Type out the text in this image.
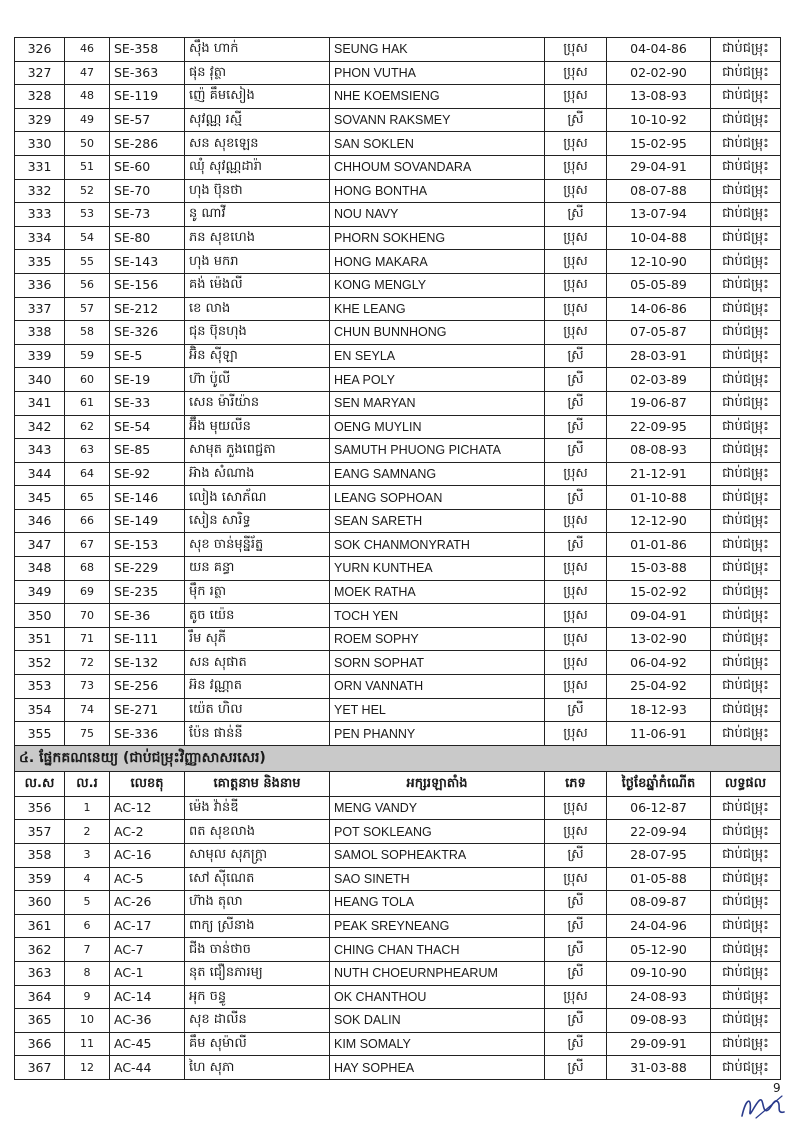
326	46	SE-358	ស៊ឹង ហាក់	SEUNG HAK	ប្រុស	04-04-86	ជាប់ជម្រុះ
327	47	SE-363	ផុន វុត្ថា	PHON VUTHA	ប្រុស	02-02-90	ជាប់ជម្រុះ
328	48	SE-119	ញ៉េ គឹមសៀង	NHE KOEMSIENG	ប្រុស	13-08-93	ជាប់ជម្រុះ
329	49	SE-57	សុវណ្ណ រស្មី	SOVANN RAKSMEY	ស្រី	10-10-92	ជាប់ជម្រុះ
330	50	SE-286	សន សុខឡេន	SAN SOKLEN	ប្រុស	15-02-95	ជាប់ជម្រុះ
331	51	SE-60	ឈុំ សុវណ្ណដារ៉ា	CHHOUM SOVANDARA	ប្រុស	29-04-91	ជាប់ជម្រុះ
332	52	SE-70	ហុង ប៊ុនថា	HONG BONTHA	ប្រុស	08-07-88	ជាប់ជម្រុះ
333	53	SE-73	នូ ណាវី	NOU NAVY	ស្រី	13-07-94	ជាប់ជម្រុះ
334	54	SE-80	ភន សុខហេង	PHORN SOKHENG	ប្រុស	10-04-88	ជាប់ជម្រុះ
335	55	SE-143	ហុង មករា	HONG MAKARA	ប្រុស	12-10-90	ជាប់ជម្រុះ
336	56	SE-156	គង់ ម៉េងលី	KONG MENGLY	ប្រុស	05-05-89	ជាប់ជម្រុះ
337	57	SE-212	ខេ លាង	KHE LEANG	ប្រុស	14-06-86	ជាប់ជម្រុះ
338	58	SE-326	ជុន ប៊ុនហុង	CHUN BUNNHONG	ប្រុស	07-05-87	ជាប់ជម្រុះ
339	59	SE-5	អ៊ិន ស៊ីឡា	EN SEYLA	ស្រី	28-03-91	ជាប់ជម្រុះ
340	60	SE-19	ហ៊ា ប៉ូលី	HEA POLY	ស្រី	02-03-89	ជាប់ជម្រុះ
341	61	SE-33	សេន ម៉ារីយ៉ាន	SEN MARYAN	ស្រី	19-06-87	ជាប់ជម្រុះ
342	62	SE-54	អ៊ឹង មុយលីន	OENG MUYLIN	ស្រី	22-09-95	ជាប់ជម្រុះ
343	63	SE-85	សាមុត ភួងពេជ្ជតា	SAMUTH PHUONG PICHATA	ស្រី	08-08-93	ជាប់ជម្រុះ
344	64	SE-92	អ៊ាង សំណាង	EANG SAMNANG	ប្រុស	21-12-91	ជាប់ជម្រុះ
345	65	SE-146	លៀង សោភ័ណ	LEANG SOPHOAN	ស្រី	01-10-88	ជាប់ជម្រុះ
346	66	SE-149	សៀន សារិទ្ធ	SEAN SARETH	ប្រុស	12-12-90	ជាប់ជម្រុះ
347	67	SE-153	សុខ ចាន់មុន្នីរ័ត្ន	SOK CHANMONYRATH	ស្រី	01-01-86	ជាប់ជម្រុះ
348	68	SE-229	យន គន្ធា	YURN KUNTHEA	ប្រុស	15-03-88	ជាប់ជម្រុះ
349	69	SE-235	ម៉ឹក រត្ថា	MOEK RATHA	ប្រុស	15-02-92	ជាប់ជម្រុះ
350	70	SE-36	តូច យ៉េន	TOCH YEN	ប្រុស	09-04-91	ជាប់ជម្រុះ
351	71	SE-111	រឹម សុភី	ROEM SOPHY	ប្រុស	13-02-90	ជាប់ជម្រុះ
352	72	SE-132	សន សុផាត	SORN SOPHAT	ប្រុស	06-04-92	ជាប់ជម្រុះ
353	73	SE-256	អ៊ន វណ្ណាត	ORN VANNATH	ប្រុស	25-04-92	ជាប់ជម្រុះ
354	74	SE-271	យ៉េត ហិល	YET HEL	ស្រី	18-12-93	ជាប់ជម្រុះ
355	75	SE-336	ប៉ែន ផាន់នី	PEN PHANNY	ប្រុស	11-06-91	ជាប់ជម្រុះ
៤. ផ្នែកគណនេយ្យ (ជាប់ជម្រុះវិញ្ញាសាសរសេរ)							
ល.ស	ល.រ	លេខតុ	គោត្តនាម និងនាម	អក្សរឡាតាំង	ភេទ	ថ្ងៃខែឆ្នាំកំណើត	លទ្ធផល
356	1	AC-12	ម៉េង វ៉ាន់ឌី	MENG VANDY	ប្រុស	06-12-87	ជាប់ជម្រុះ
357	2	AC-2	ពត សុខលាង	POT SOKLEANG	ប្រុស	22-09-94	ជាប់ជម្រុះ
358	3	AC-16	សាមុល សុភក្ត្រា	SAMOL SOPHEAKTRA	ស្រី	28-07-95	ជាប់ជម្រុះ
359	4	AC-5	សៅ ស៊ីណេត	SAO SINETH	ប្រុស	01-05-88	ជាប់ជម្រុះ
360	5	AC-26	ហ៊ាង តុលា	HEANG TOLA	ស្រី	08-09-87	ជាប់ជម្រុះ
361	6	AC-17	ពាក្យ ស្រីនាង	PEAK SREYNEANG	ស្រី	24-04-96	ជាប់ជម្រុះ
362	7	AC-7	ជីង ចាន់ថាច	CHING CHAN THACH	ស្រី	05-12-90	ជាប់ជម្រុះ
363	8	AC-1	នុត ជឿនភារម្យ	NUTH CHOEURNPHEARUM	ស្រី	09-10-90	ជាប់ជម្រុះ
364	9	AC-14	អុក ចន្ធូ	OK CHANTHOU	ប្រុស	24-08-93	ជាប់ជម្រុះ
365	10	AC-36	សុខ ដាលីន	SOK DALIN	ស្រី	09-08-93	ជាប់ជម្រុះ
366	11	AC-45	គឹម សុម៉ាលី	KIM SOMALY	ស្រី	29-09-91	ជាប់ជម្រុះ
367	12	AC-44	ហៃ សុភា	HAY SOPHEA	ស្រី	31-03-88	ជាប់ជម្រុះ
9
